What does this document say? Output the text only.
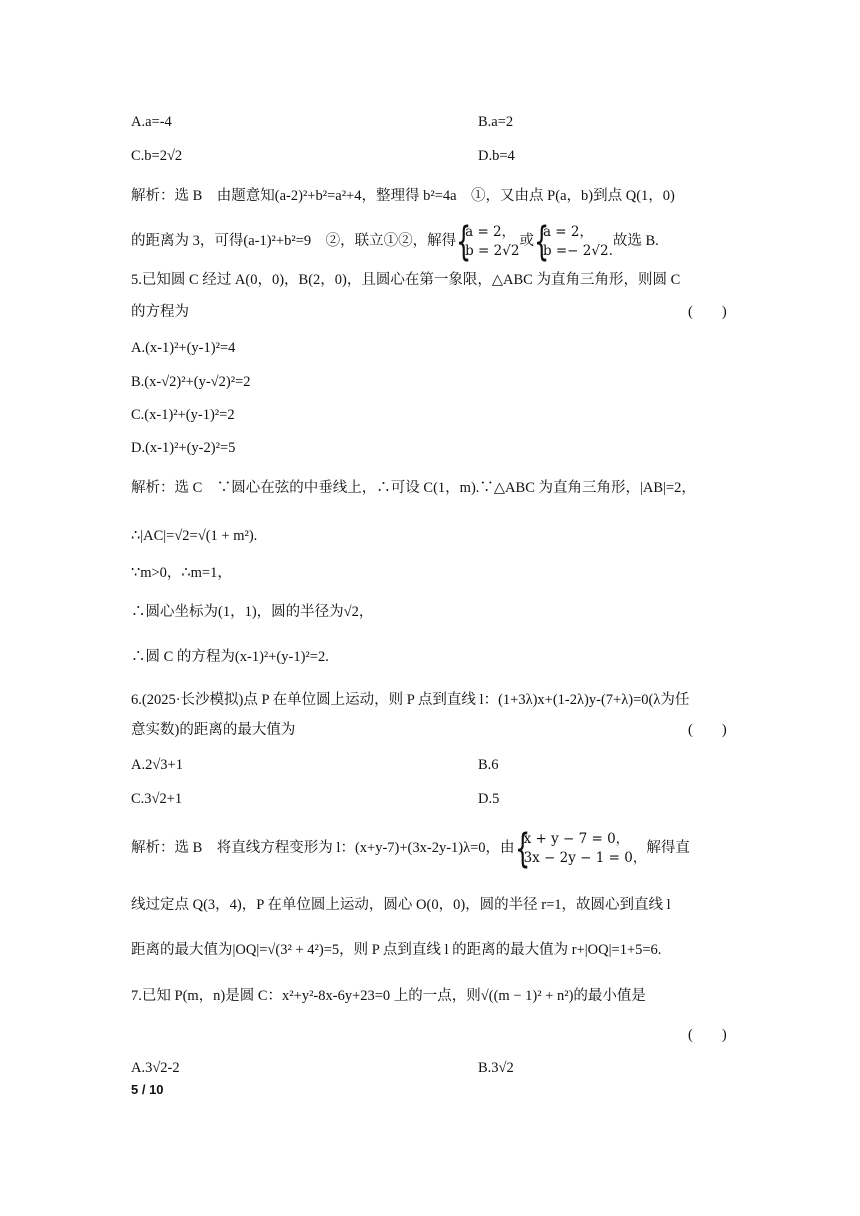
A.a=-4	B.a=2
C.b=2√2	D.b=4
解析：选 B　由题意知(a-2)²+b²=a²+4，整理得 b²=4a　①，又由点 P(a，b)到点 Q(1，0)
的距离为 3，可得(a-1)²+b²=9　②，联立①②，解得 {
a = 2，
b = 2√2
或 {
a = 2，
b =− 2√2.
故选 B.
5.已知圆 C 经过 A(0，0)，B(2，0)，且圆心在第一象限，△ABC 为直角三角形，则圆 C
的方程为	(　　)
A.(x-1)²+(y-1)²=4
B.(x-√2)²+(y-√2)²=2
C.(x-1)²+(y-1)²=2
D.(x-1)²+(y-2)²=5
解析：选 C　∵圆心在弦的中垂线上，∴可设 C(1，m).∵△ABC 为直角三角形，|AB|=2，
∴|AC|=√2=√(1 + m²).
∵m>0，∴m=1，
∴圆心坐标为(1，1)，圆的半径为√2，
∴圆 C 的方程为(x-1)²+(y-1)²=2.
6.(2025·长沙模拟)点 P 在单位圆上运动，则 P 点到直线 l：(1+3λ)x+(1-2λ)y-(7+λ)=0(λ为任
意实数)的距离的最大值为	(　　)
A.2√3+1	B.6
C.3√2+1	D.5
解析：选 B　将直线方程变形为 l：(x+y-7)+(3x-2y-1)λ=0，由 {
x + y − 7 = 0，
3x − 2y − 1 = 0，
解得直
线过定点 Q(3，4)，P 在单位圆上运动，圆心 O(0，0)，圆的半径 r=1，故圆心到直线 l
距离的最大值为|OQ|=√(3² + 4²)=5，则 P 点到直线 l 的距离的最大值为 r+|OQ|=1+5=6.
7.已知 P(m，n)是圆 C：x²+y²-8x-6y+23=0 上的一点，则√((m − 1)² + n²)的最小值是
(　　)
A.3√2-2	B.3√2
5 / 10
